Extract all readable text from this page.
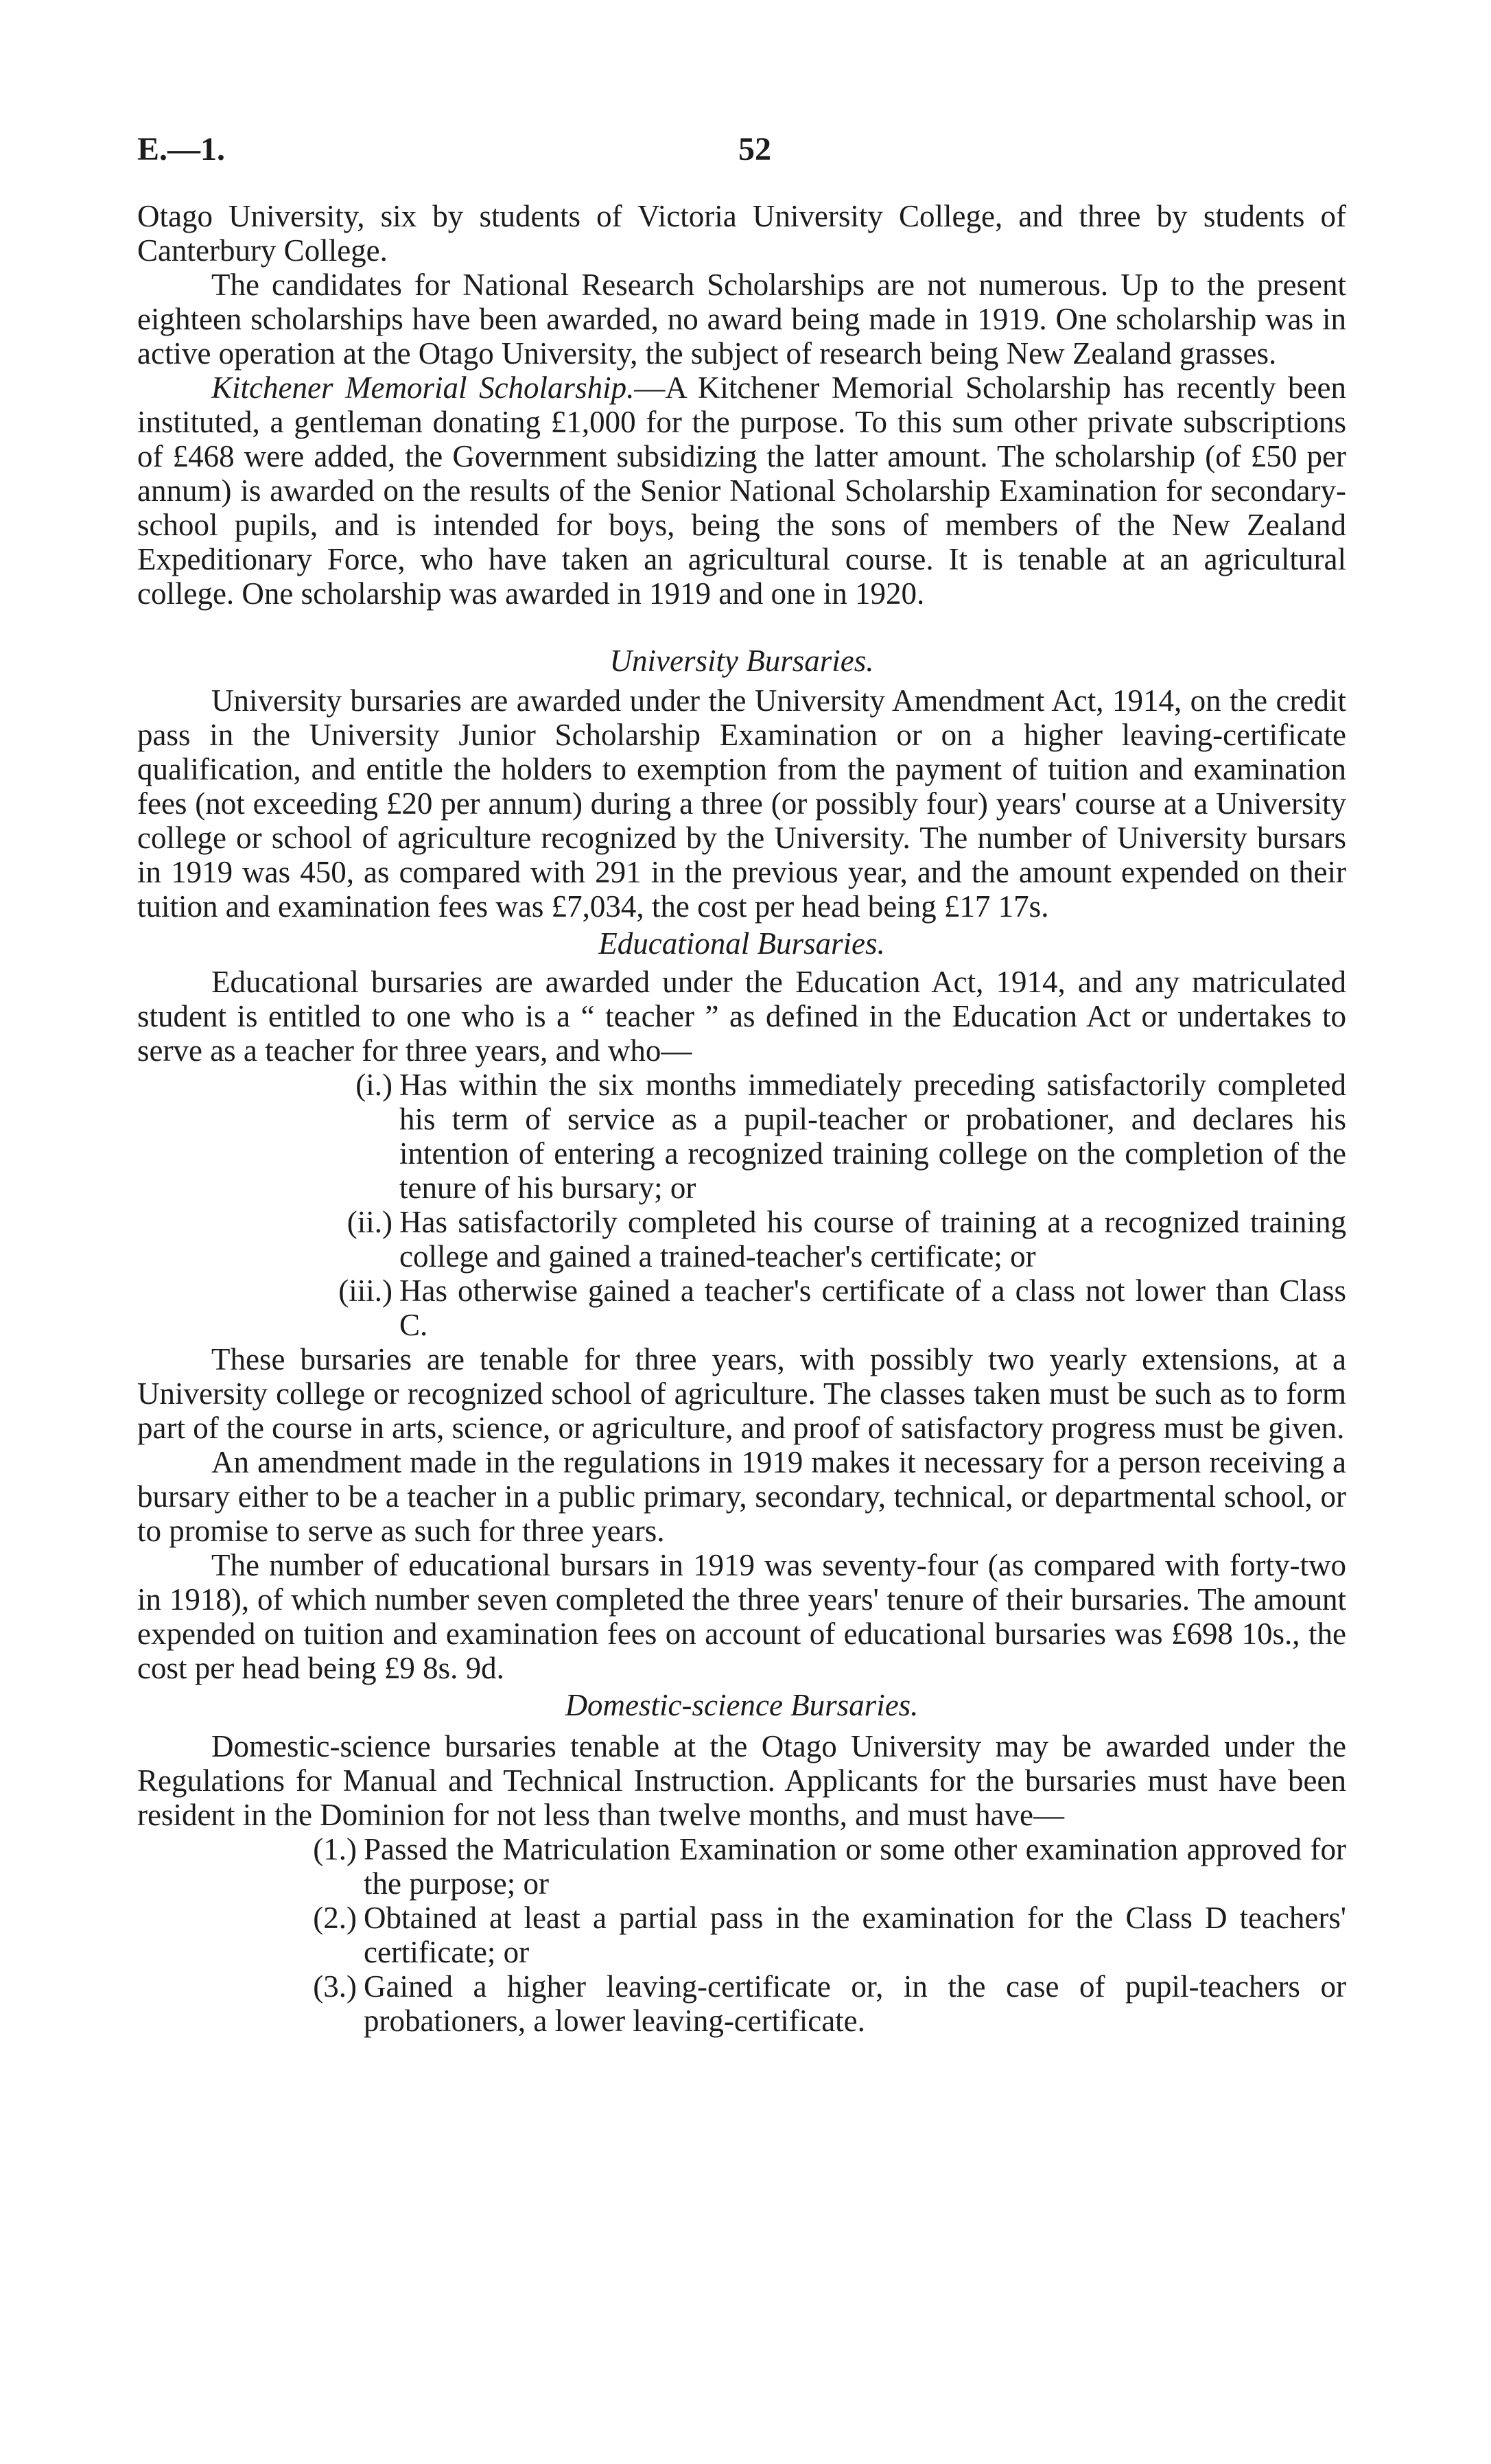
E.—1.	52

Otago University, six by students of Victoria University College, and three by students of Canterbury College.

The candidates for National Research Scholarships are not numerous. Up to the present eighteen scholarships have been awarded, no award being made in 1919. One scholarship was in active operation at the Otago University, the subject of research being New Zealand grasses.

Kitchener Memorial Scholarship.—A Kitchener Memorial Scholarship has recently been instituted, a gentleman donating £1,000 for the purpose. To this sum other private subscriptions of £468 were added, the Government subsidizing the latter amount. The scholarship (of £50 per annum) is awarded on the results of the Senior National Scholarship Examination for secondary-school pupils, and is intended for boys, being the sons of members of the New Zealand Expeditionary Force, who have taken an agricultural course. It is tenable at an agricultural college. One scholarship was awarded in 1919 and one in 1920.

University Bursaries.

University bursaries are awarded under the University Amendment Act, 1914, on the credit pass in the University Junior Scholarship Examination or on a higher leaving-certificate qualification, and entitle the holders to exemption from the payment of tuition and examination fees (not exceeding £20 per annum) during a three (or possibly four) years' course at a University college or school of agriculture recognized by the University. The number of University bursars in 1919 was 450, as compared with 291 in the previous year, and the amount expended on their tuition and examination fees was £7,034, the cost per head being £17 17s.

Educational Bursaries.

Educational bursaries are awarded under the Education Act, 1914, and any matriculated student is entitled to one who is a “ teacher ” as defined in the Education Act or undertakes to serve as a teacher for three years, and who—

(i.) Has within the six months immediately preceding satisfactorily completed his term of service as a pupil-teacher or probationer, and declares his intention of entering a recognized training college on the completion of the tenure of his bursary; or
(ii.) Has satisfactorily completed his course of training at a recognized training college and gained a trained-teacher's certificate; or
(iii.) Has otherwise gained a teacher's certificate of a class not lower than Class C.

These bursaries are tenable for three years, with possibly two yearly extensions, at a University college or recognized school of agriculture. The classes taken must be such as to form part of the course in arts, science, or agriculture, and proof of satisfactory progress must be given.

An amendment made in the regulations in 1919 makes it necessary for a person receiving a bursary either to be a teacher in a public primary, secondary, technical, or departmental school, or to promise to serve as such for three years.

The number of educational bursars in 1919 was seventy-four (as compared with forty-two in 1918), of which number seven completed the three years' tenure of their bursaries. The amount expended on tuition and examination fees on account of educational bursaries was £698 10s., the cost per head being £9 8s. 9d.

Domestic-science Bursaries.

Domestic-science bursaries tenable at the Otago University may be awarded under the Regulations for Manual and Technical Instruction. Applicants for the bursaries must have been resident in the Dominion for not less than twelve months, and must have—

(1.) Passed the Matriculation Examination or some other examination approved for the purpose; or
(2.) Obtained at least a partial pass in the examination for the Class D teachers' certificate; or
(3.) Gained a higher leaving-certificate or, in the case of pupil-teachers or probationers, a lower leaving-certificate.
